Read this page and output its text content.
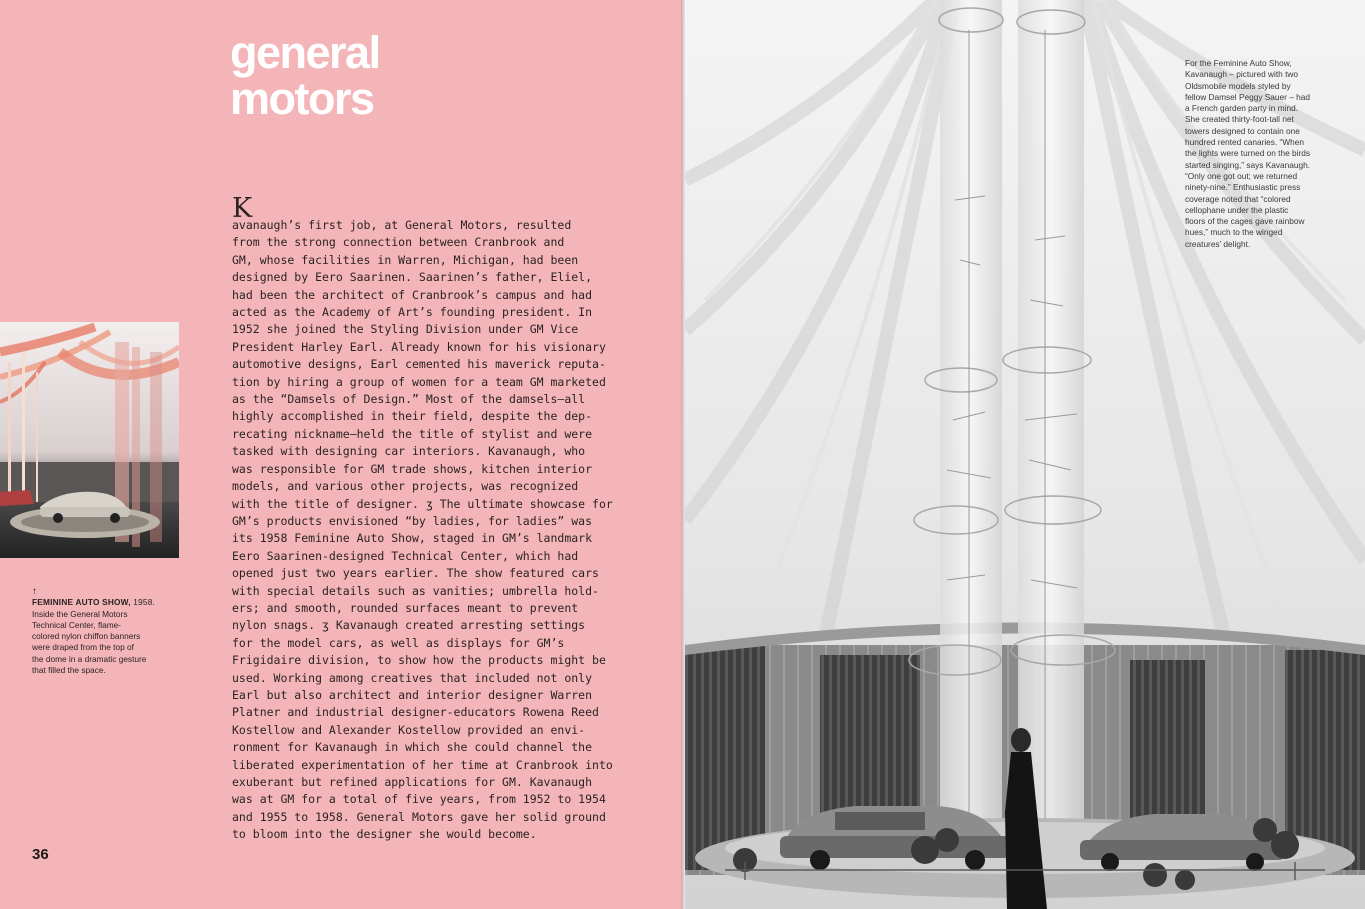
general
motors
↑
FEMININE AUTO SHOW, 1958.
Inside the General Motors
Technical Center, flame-
colored nylon chiffon banners
were draped from the top of
the dome in a dramatic gesture
that filled the space.
K
avanaugh’s first job, at General Motors, resulted
from the strong connection between Cranbrook and
GM, whose facilities in Warren, Michigan, had been
designed by Eero Saarinen. Saarinen’s father, Eliel,
had been the architect of Cranbrook’s campus and had
acted as the Academy of Art’s founding president. In
1952 she joined the Styling Division under GM Vice
President Harley Earl. Already known for his visionary
automotive designs, Earl cemented his maverick reputa-
tion by hiring a group of women for a team GM marketed
as the “Damsels of Design.” Most of the damsels—all
highly accomplished in their field, despite the dep-
recating nickname—held the title of stylist and were
tasked with designing car interiors. Kavanaugh, who
was responsible for GM trade shows, kitchen interior
models, and various other projects, was recognized
with the title of designer. ʒ The ultimate showcase for
GM’s products envisioned “by ladies, for ladies” was
its 1958 Feminine Auto Show, staged in GM’s landmark
Eero Saarinen-designed Technical Center, which had
opened just two years earlier. The show featured cars
with special details such as vanities; umbrella hold-
ers; and smooth, rounded surfaces meant to prevent
nylon snags. ʒ Kavanaugh created arresting settings
for the model cars, as well as displays for GM’s
Frigidaire division, to show how the products might be
used. Working among creatives that included not only
Earl but also architect and interior designer Warren
Platner and industrial designer-educators Rowena Reed
Kostellow and Alexander Kostellow provided an envi-
ronment for Kavanaugh in which she could channel the
liberated experimentation of her time at Cranbrook into
exuberant but refined applications for GM. Kavanaugh
was at GM for a total of five years, from 1952 to 1954
and 1955 to 1958. General Motors gave her solid ground
to bloom into the designer she would become.
36
For the Feminine Auto Show,
Kavanaugh – pictured with two
Oldsmobile models styled by
fellow Damsel Peggy Sauer – had
a French garden party in mind.
She created thirty-foot-tall net
towers designed to contain one
hundred rented canaries. “When
the lights were turned on the birds
started singing,” says Kavanaugh.
“Only one got out; we returned
ninety-nine.” Enthusiastic press
coverage noted that “colored
cellophane under the plastic
floors of the cages gave rainbow
hues,” much to the winged
creatures’ delight.
